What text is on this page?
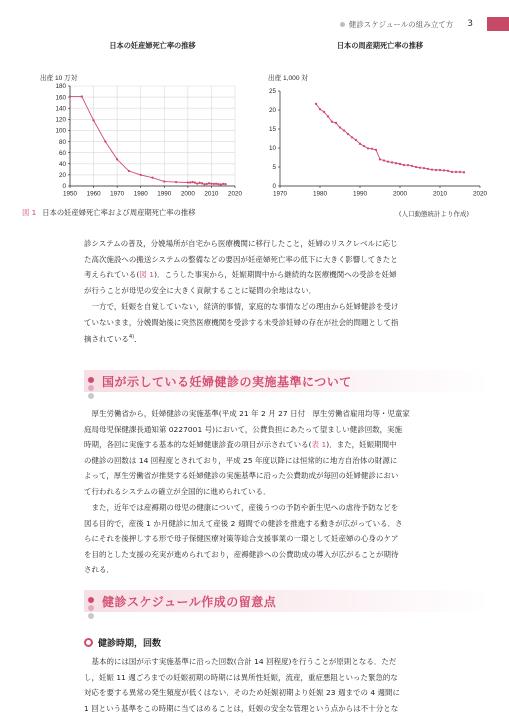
健診スケジュールの組み立て方 3
日本の妊産婦死亡率の推移
出産 10 万対
0
20
40
60
80
100
120
140
160
180
1950 1960 1970 1980 1990 2000 2010 2020
日本の周産期死亡率の推移
出産 1,000 対
0
5
10
15
20
25
1970	1980	1990	2000	2010	2020
図 1 日本の妊産婦死亡率および周産期死亡率の推移	(人口動態統計より作成)

診システムの普及，分娩場所が自宅から医療機関に移行したこと，妊婦のリスクレベルに応じ

た高次施設への搬送システムの整備などの要因が妊産婦死亡率の低下に大きく影響してきたと

考えられている(図 1)．こうした事実から，妊娠期間中から継続的な医療機関への受診を妊婦

が行うことが母児の安全に大きく貢献することに疑問の余地はない．

一方で，妊娠を自覚していない，経済的事情，家庭的な事情などの理由から妊婦健診を受け

ていないまま，分娩間始後に突然医療機関を受診する未受診妊婦の存在が社会的問題として指

摘されている$^{4)}$．

国が示している妊婦健診の実施基準について

厚生労働省から，妊婦健診の実施基準(平成 21 年 2 月 27 日付　厚生労働省雇用均等・児童家

庭局母児保健課長通知第 0227001 号)において，公費負担にあたって望ましい健診回数，実施

時期，各回に実施する基本的な妊婦健康診査の項目が示されている(表 1)．また，妊娠期間中

の健診の回数は 14 回程度とされており，平成 25 年度以降には恒常的に地方自治体の財源に

よって，厚生労働省が推奨する妊婦健診の実施基準に沿った公費助成が毎回の妊婦健診におい

て行われるシステムの確立が全国的に進められている．

また，近年では産褥期の母児の健康について，産後うつの予防や新生児への虐待予防などを

図る目的で，産後 1 か月健診に加えて産後 2 週間での健診を推進する動きが広がっている．さ

らにそれを後押しする形で母子保健医療対策等総合支援事業の一環として妊産婦の心身のケア

を目的とした支援の充実が進められており，産褥健診への公費助成の導入が広がることが期待

される．

健診スケジュール作成の留意点
健診時期，回数

基本的には国が示す実施基準に沿った回数(合計 14 回程度)を行うことが原則となる．ただ

し，妊娠 11 週ごろまでの妊娠初期の時期には異所性妊娠，流産，重症悪阻といった緊急的な

対応を要する異常の発生頻度が低くはない．そのため妊娠初期より妊娠 23 週までの 4 週間に

1 回という基準をこの時期に当てはめることは，妊娠の安全な管理という点からは不十分とな
